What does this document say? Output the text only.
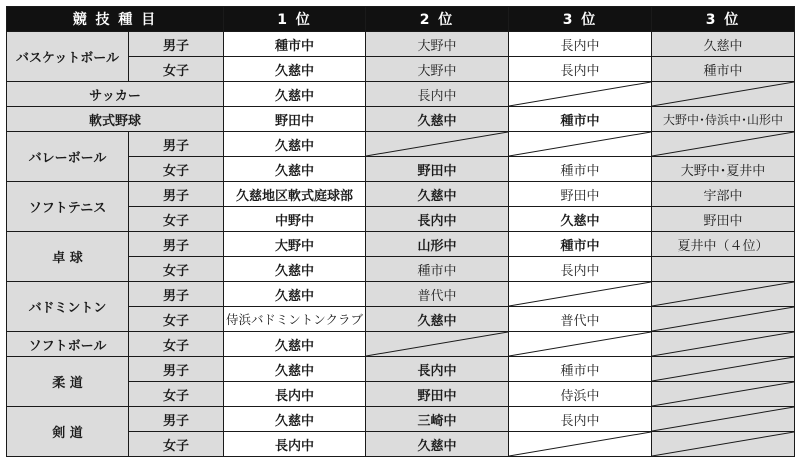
競 技 種 目		1 位	2 位	3 位	3 位
バスケットボール	男子	種市中	大野中	長内中	久慈中
	女子	久慈中	大野中	長内中	種市中
サッカー		久慈中	長内中	

軟式野球		野田中	久慈中	種市中	大野中･侍浜中･山形中
バレーボール	男子	久慈中	

	女子	久慈中	野田中	種市中	大野中･夏井中
ソフトテニス	男子	久慈地区軟式庭球部	久慈中	野田中	宇部中
	女子	中野中	長内中	久慈中	野田中
卓 球	男子	大野中	山形中	種市中	夏井中（４位）
	女子	久慈中	種市中	長内中	
バドミントン	男子	久慈中	普代中	

	女子	侍浜バドミントンクラブ	久慈中	普代中	

ソフトボール	女子	久慈中	

柔 道	男子	久慈中	長内中	種市中	

	女子	長内中	野田中	侍浜中	

剣 道	男子	久慈中	三崎中	長内中	

	女子	長内中	久慈中	
